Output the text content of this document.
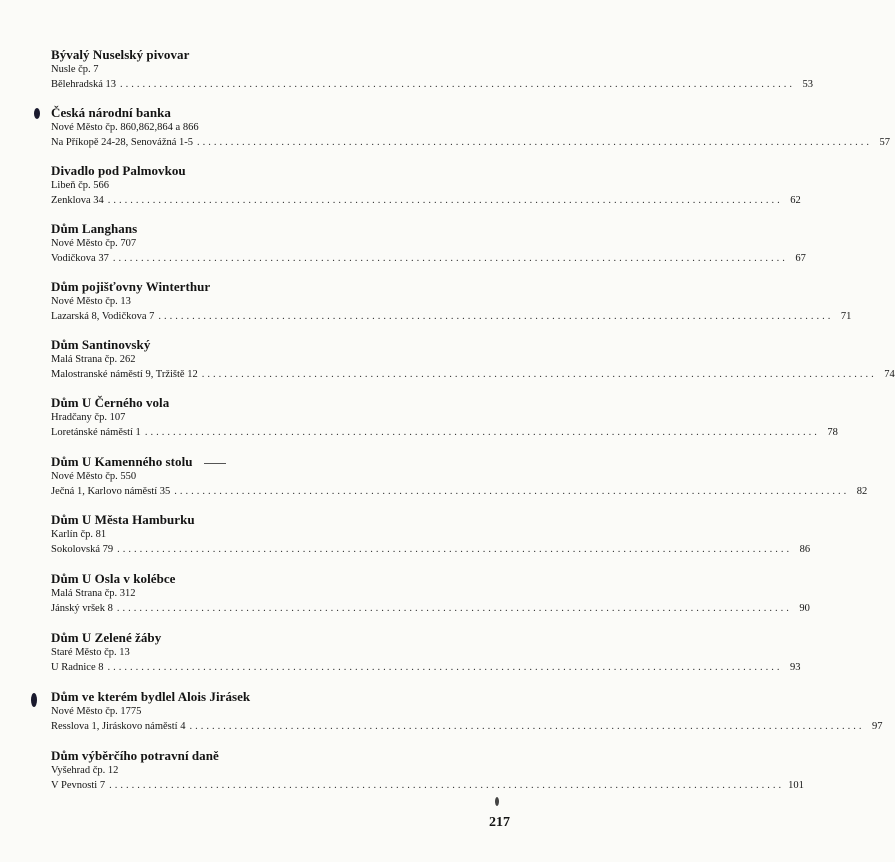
Bývalý Nuselský pivovar
Nusle čp. 7
Bělehradská 13 ........................................................................................................................ 53
Česká národní banka
Nové Město čp. 860,862,864 a 866
Na Příkopě 24-28, Senovážná 1-5 ........................................................................................................................ 57
Divadlo pod Palmovkou
Libeň čp. 566
Zenklova 34 ........................................................................................................................ 62
Dům Langhans
Nové Město čp. 707
Vodičkova 37 ........................................................................................................................ 67
Dům pojišťovny Winterthur
Nové Město čp. 13
Lazarská 8, Vodičkova 7 ........................................................................................................................ 71
Dům Santinovský
Malá Strana čp. 262
Malostranské náměstí 9, Tržiště 12 ........................................................................................................................ 74
Dům U Černého vola
Hradčany čp. 107
Loretánské náměstí 1 ........................................................................................................................ 78
Dům U Kamenného stolu
Nové Město čp. 550
Ječná 1, Karlovo náměstí 35 ........................................................................................................................ 82
Dům U Města Hamburku
Karlín čp. 81
Sokolovská 79 ........................................................................................................................ 86
Dům U Osla v kolébce
Malá Strana čp. 312
Jánský vršek 8 ........................................................................................................................ 90
Dům U Zelené žáby
Staré Město čp. 13
U Radnice 8 ........................................................................................................................ 93
Dům ve kterém bydlel Alois Jirásek
Nové Město čp. 1775
Resslova 1, Jiráskovo náměstí 4 ........................................................................................................................ 97
Dům výběrčího potravní daně
Vyšehrad čp. 12
V Pevnosti 7 ........................................................................................................................ 101
217
